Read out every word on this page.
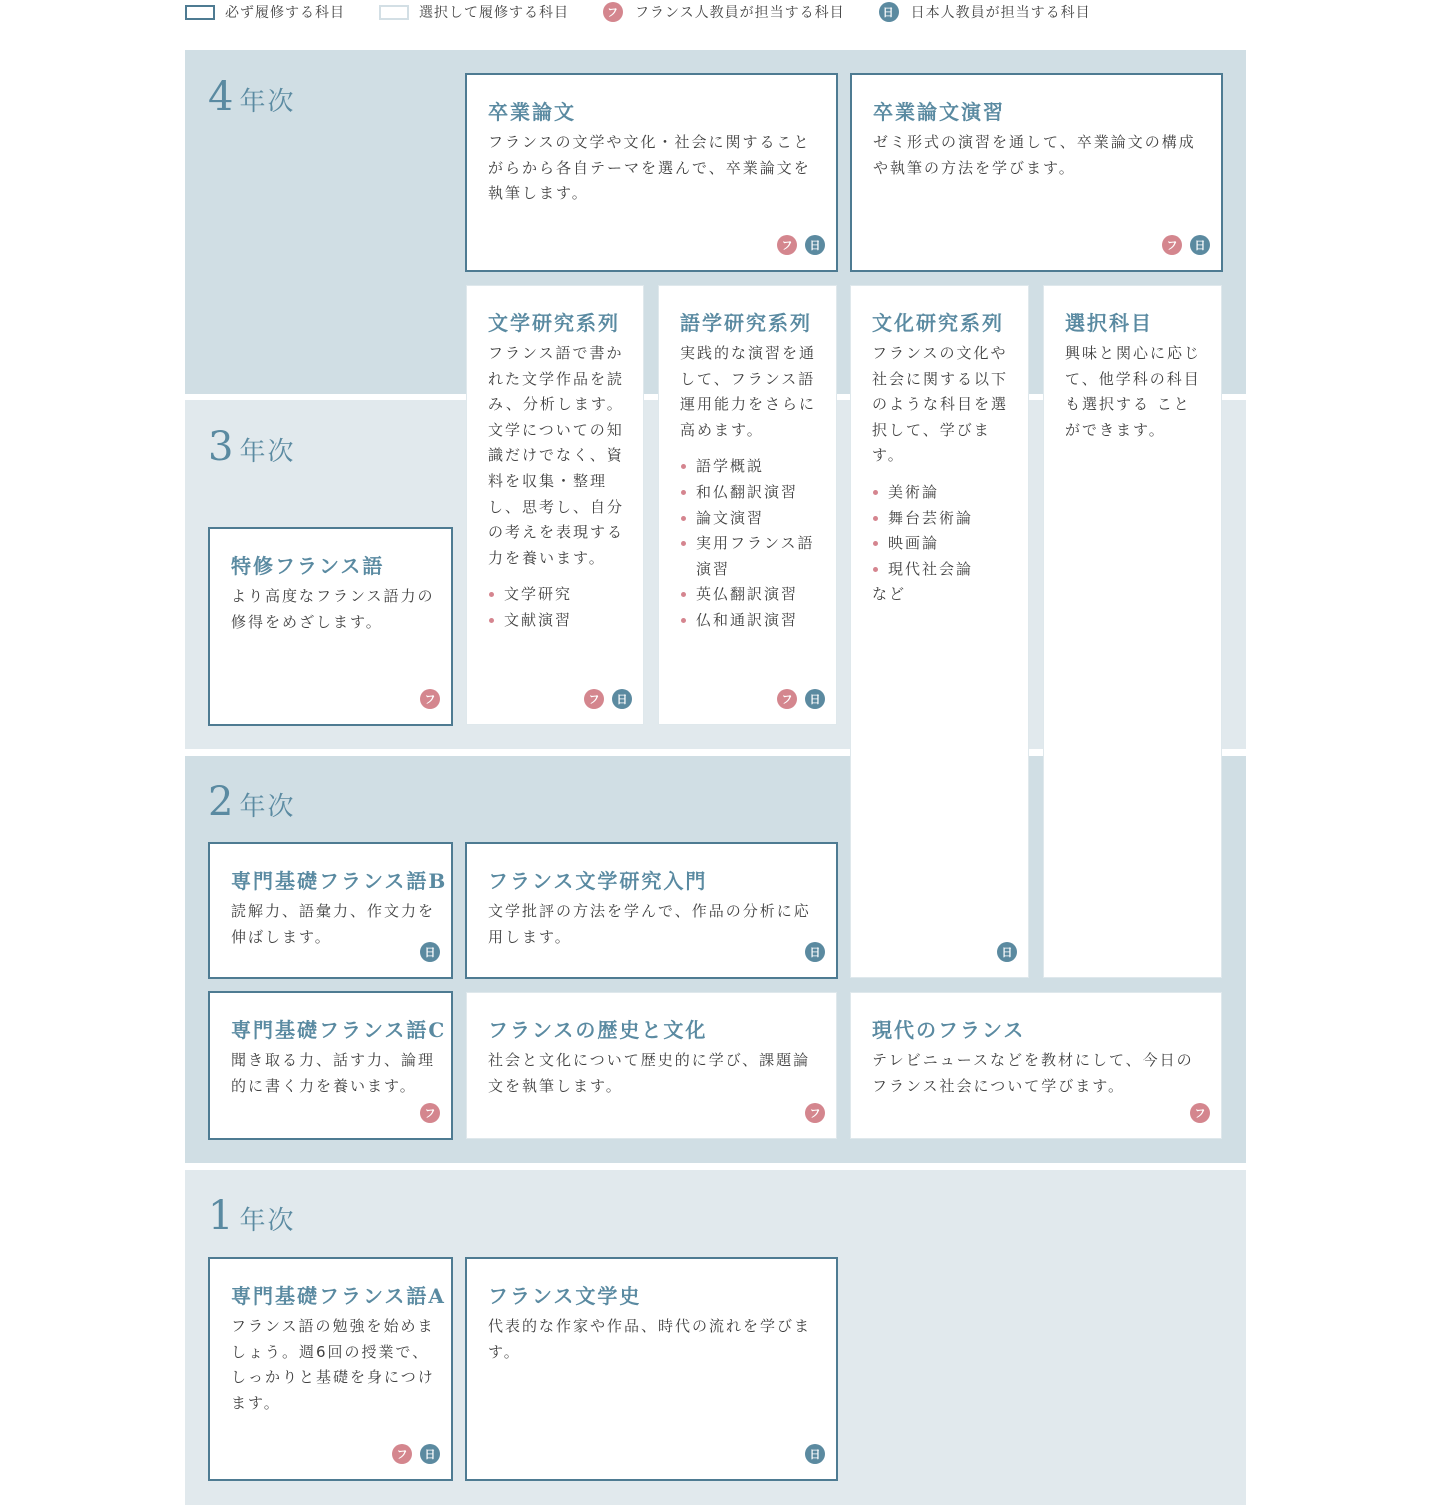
必ず履修する科目	選択して履修する科目	フ フランス人教員が担当する科目	日 日本人教員が担当する科目
4 年次
3 年次
2 年次
1 年次
卒業論文
フランスの文学や文化・社会に関することがらから各自テーマを選んで、卒業論文を執筆します。
フ	日
卒業論文演習
ゼミ形式の演習を通して、卒業論文の構成や執筆の方法を学びます。
フ	日
文学研究系列
フランス語で書かれた文学作品を読み、分析します。文学についての知識だけでなく、資料を収集・整理し、思考し、自分の考えを表現する力を養います。
文学研究
文献演習
フ	日
語学研究系列
実践的な演習を通して、フランス語運用能力をさらに高めます。
語学概説
和仏翻訳演習
論文演習
実用フランス語演習
英仏翻訳演習
仏和通訳演習
フ	日
文化研究系列
フランスの文化や社会に関する以下のような科目を選択して、学びます。
美術論
舞台芸術論
映画論
現代社会論
など
日
選択科目
興味と関心に応じて、他学科の科目も選択する ことができます。
特修フランス語
より高度なフランス語力の修得をめざします。
フ
専門基礎フランス語B
読解力、語彙力、作文力を伸ばします。
日
フランス文学研究入門
文学批評の方法を学んで、作品の分析に応用します。
日
専門基礎フランス語C
聞き取る力、話す力、論理的に書く力を養います。
フ
フランスの歴史と文化
社会と文化について歴史的に学び、課題論文を執筆します。
フ
現代のフランス
テレビニュースなどを教材にして、今日のフランス社会について学びます。
フ
専門基礎フランス語A
フランス語の勉強を始めましょう。週6回の授業で、しっかりと基礎を身につけます。
フ	日
フランス文学史
代表的な作家や作品、時代の流れを学びます。
日
